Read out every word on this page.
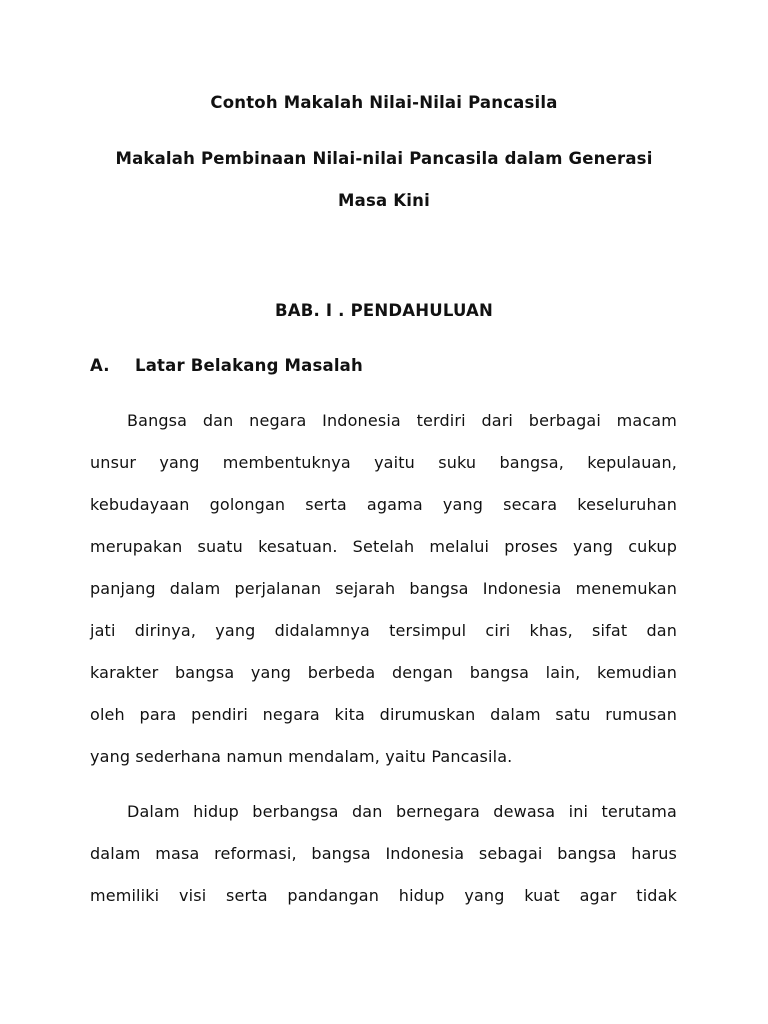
Contoh Makalah Nilai-Nilai Pancasila
Makalah Pembinaan Nilai-nilai Pancasila dalam Generasi
Masa Kini
BAB. I . PENDAHULUAN
A. Latar Belakang Masalah
Bangsa dan negara Indonesia terdiri dari berbagai macam
unsur yang membentuknya yaitu suku bangsa, kepulauan,
kebudayaan golongan serta agama yang secara keseluruhan
merupakan suatu kesatuan. Setelah melalui proses yang cukup
panjang dalam perjalanan sejarah bangsa Indonesia menemukan
jati dirinya, yang didalamnya tersimpul ciri khas, sifat dan
karakter bangsa yang berbeda dengan bangsa lain, kemudian
oleh para pendiri negara kita dirumuskan dalam satu rumusan
yang sederhana namun mendalam, yaitu Pancasila.
Dalam hidup berbangsa dan bernegara dewasa ini terutama
dalam masa reformasi, bangsa Indonesia sebagai bangsa harus
memiliki visi serta pandangan hidup yang kuat agar tidak
